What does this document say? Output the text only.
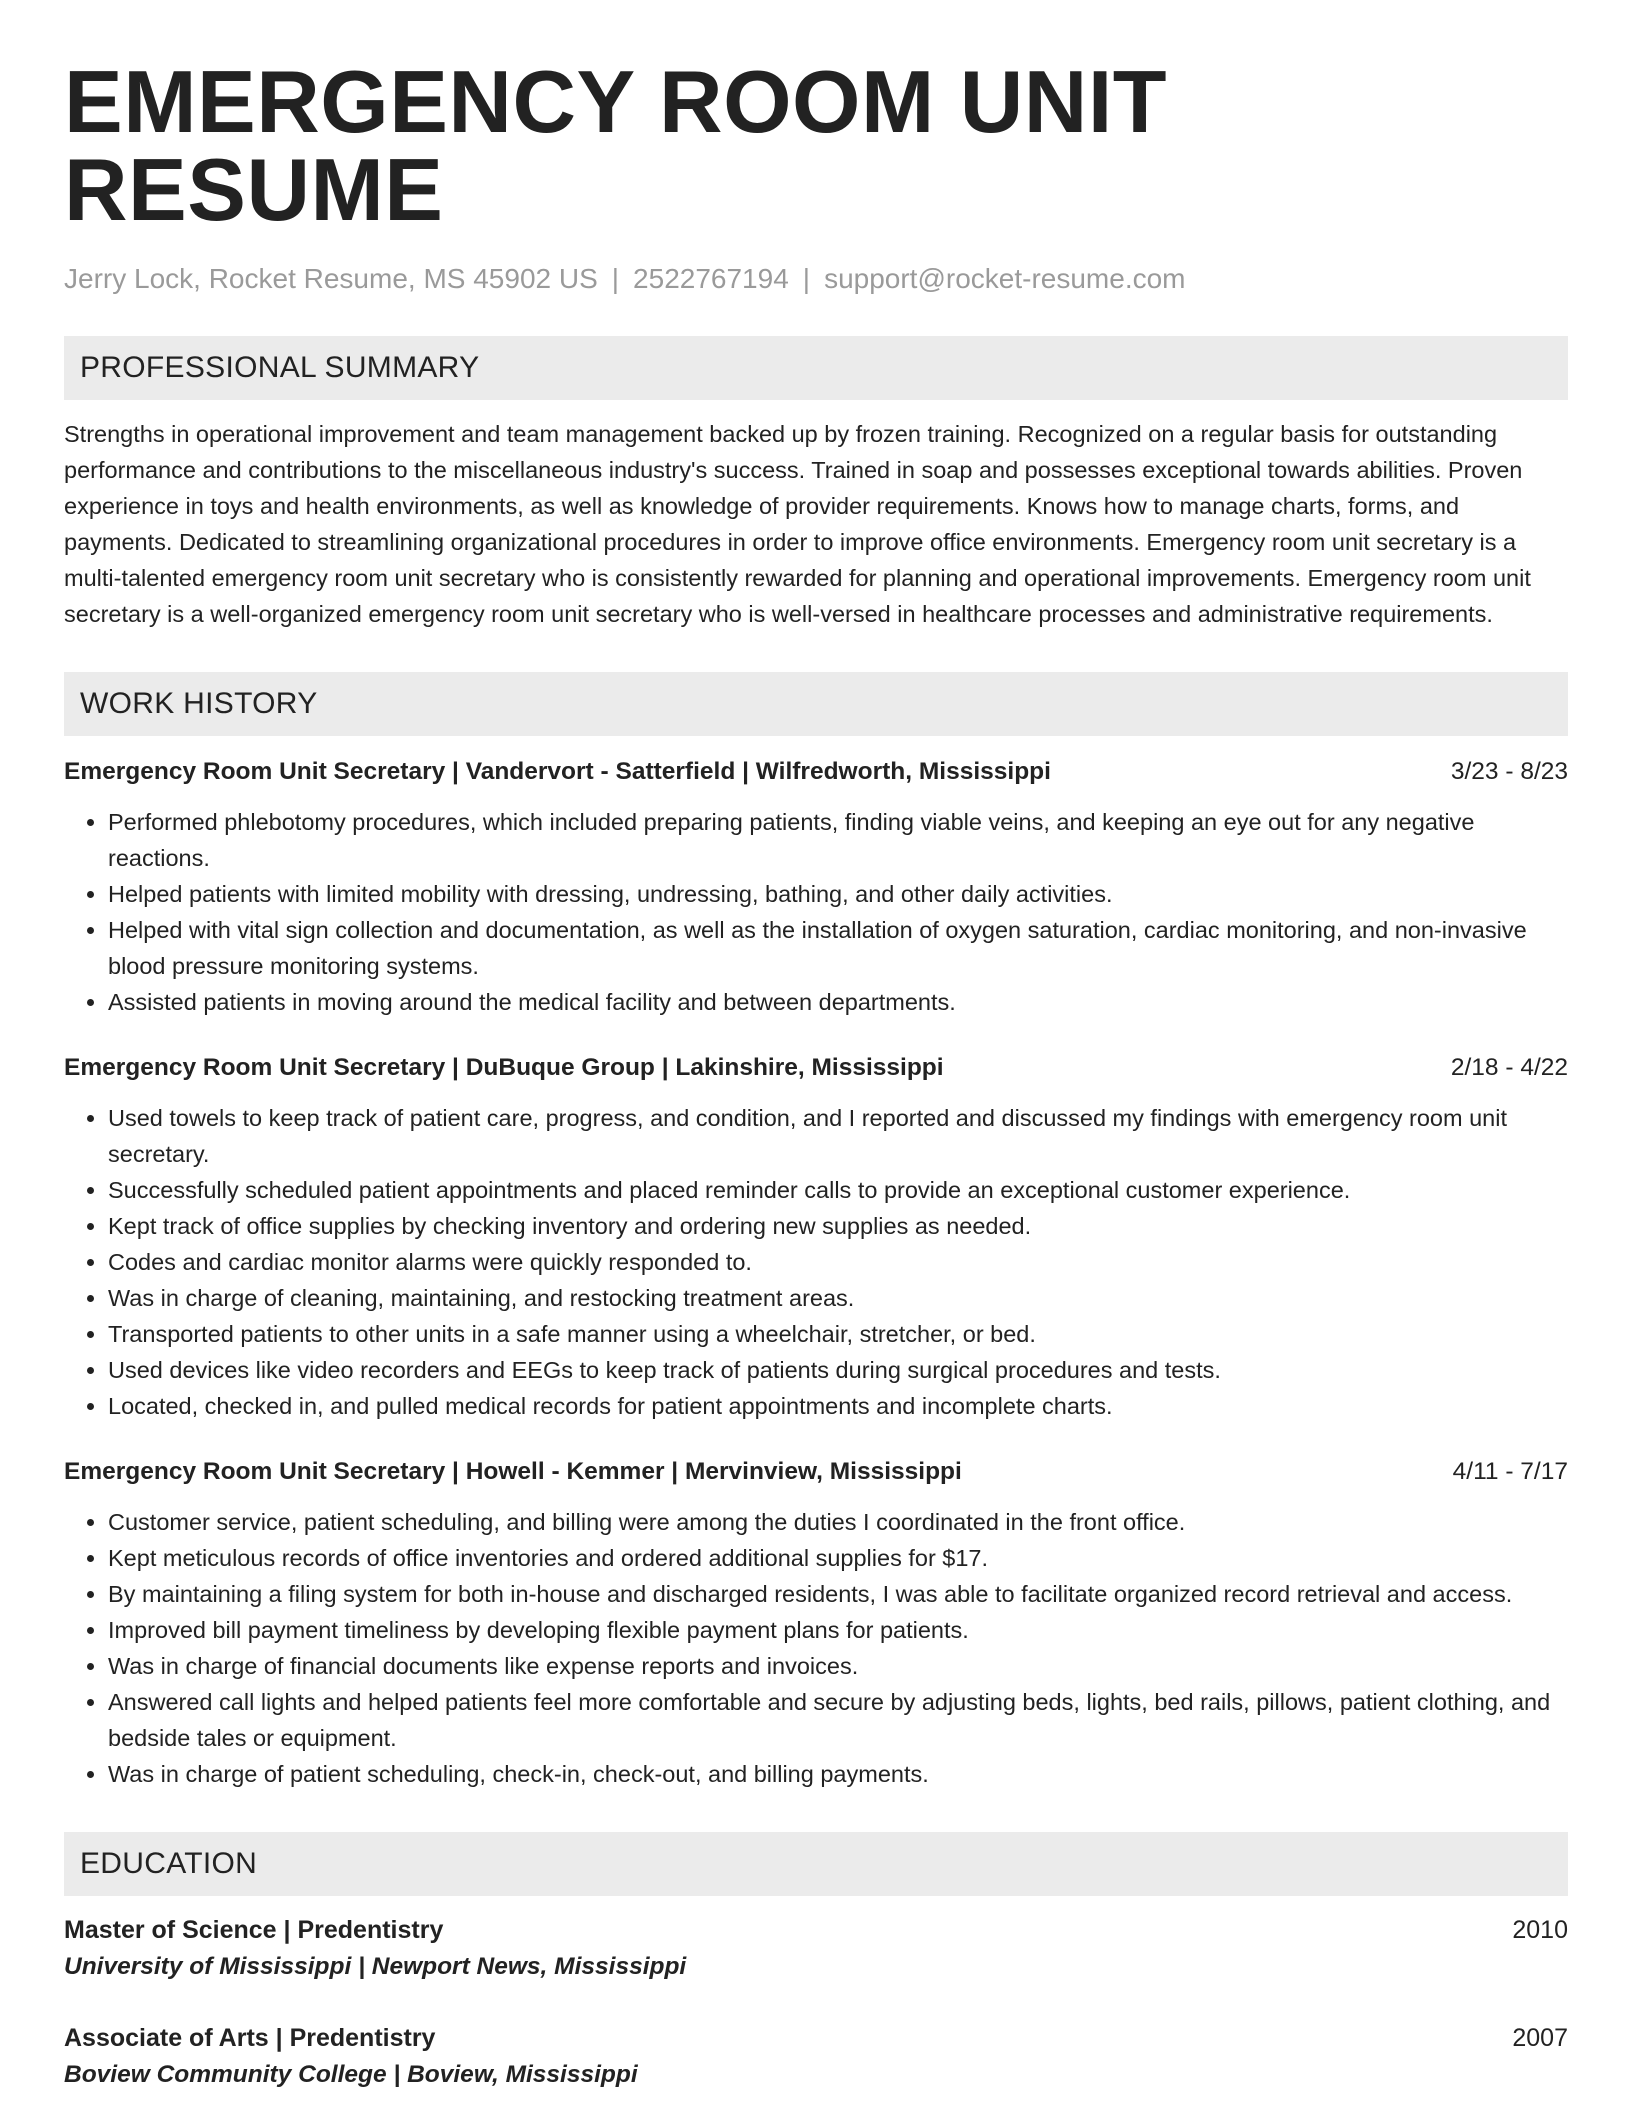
EMERGENCY ROOM UNIT RESUME
Jerry Lock, Rocket Resume, MS 45902 US | 2522767194 | support@rocket-resume.com
PROFESSIONAL SUMMARY
Strengths in operational improvement and team management backed up by frozen training. Recognized on a regular basis for outstanding performance and contributions to the miscellaneous industry's success. Trained in soap and possesses exceptional towards abilities. Proven experience in toys and health environments, as well as knowledge of provider requirements. Knows how to manage charts, forms, and payments. Dedicated to streamlining organizational procedures in order to improve office environments. Emergency room unit secretary is a multi-talented emergency room unit secretary who is consistently rewarded for planning and operational improvements. Emergency room unit secretary is a well-organized emergency room unit secretary who is well-versed in healthcare processes and administrative requirements.
WORK HISTORY
Emergency Room Unit Secretary | Vandervort - Satterfield | Wilfredworth, Mississippi	3/23 - 8/23
• Performed phlebotomy procedures, which included preparing patients, finding viable veins, and keeping an eye out for any negative reactions.
• Helped patients with limited mobility with dressing, undressing, bathing, and other daily activities.
• Helped with vital sign collection and documentation, as well as the installation of oxygen saturation, cardiac monitoring, and non-invasive blood pressure monitoring systems.
• Assisted patients in moving around the medical facility and between departments.
Emergency Room Unit Secretary | DuBuque Group | Lakinshire, Mississippi	2/18 - 4/22
• Used towels to keep track of patient care, progress, and condition, and I reported and discussed my findings with emergency room unit secretary.
• Successfully scheduled patient appointments and placed reminder calls to provide an exceptional customer experience.
• Kept track of office supplies by checking inventory and ordering new supplies as needed.
• Codes and cardiac monitor alarms were quickly responded to.
• Was in charge of cleaning, maintaining, and restocking treatment areas.
• Transported patients to other units in a safe manner using a wheelchair, stretcher, or bed.
• Used devices like video recorders and EEGs to keep track of patients during surgical procedures and tests.
• Located, checked in, and pulled medical records for patient appointments and incomplete charts.
Emergency Room Unit Secretary | Howell - Kemmer | Mervinview, Mississippi	4/11 - 7/17
• Customer service, patient scheduling, and billing were among the duties I coordinated in the front office.
• Kept meticulous records of office inventories and ordered additional supplies for $17.
• By maintaining a filing system for both in-house and discharged residents, I was able to facilitate organized record retrieval and access.
• Improved bill payment timeliness by developing flexible payment plans for patients.
• Was in charge of financial documents like expense reports and invoices.
• Answered call lights and helped patients feel more comfortable and secure by adjusting beds, lights, bed rails, pillows, patient clothing, and bedside tales or equipment.
• Was in charge of patient scheduling, check-in, check-out, and billing payments.
EDUCATION
Master of Science | Predentistry	2010
University of Mississippi | Newport News, Mississippi
Associate of Arts | Predentistry	2007
Boview Community College | Boview, Mississippi
